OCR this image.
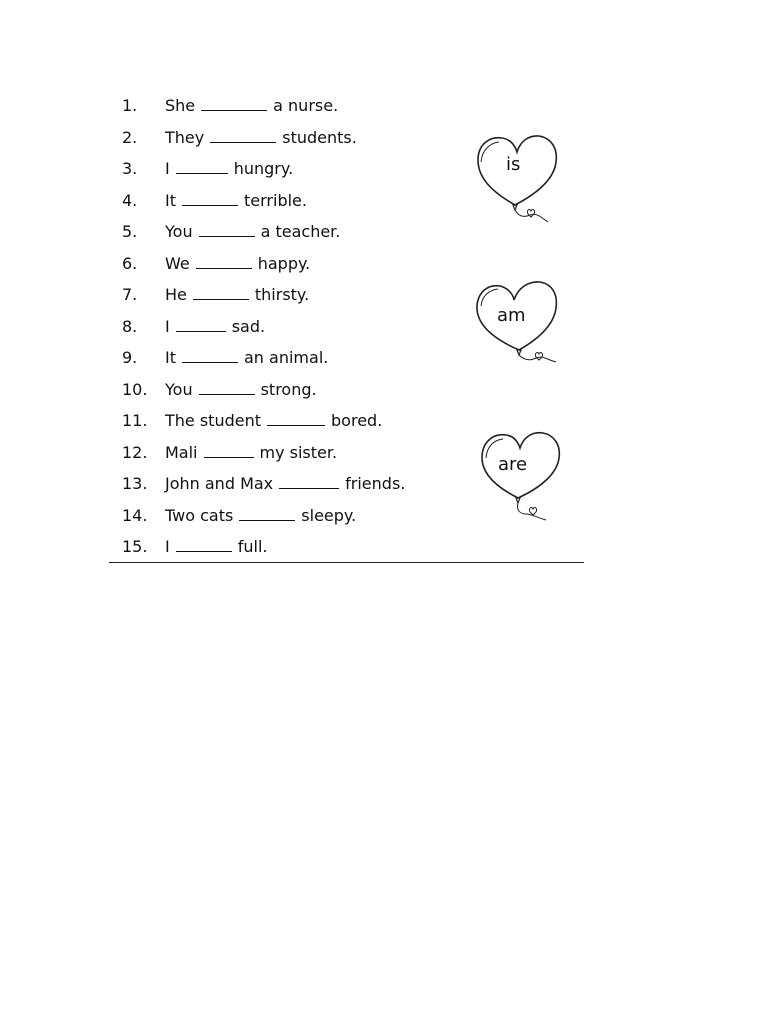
1. She	a nurse.
2. They	students.
3. I	hungry.
4. It	terrible.
5. You	a teacher.
6. We	happy.
7. He	thirsty.
8. I	sad.
9. It	an animal.
10. You	strong.
11. The student	bored.
12. Mali	my sister.
13. John and Max	friends.
14. Two cats	sleepy.
15. I	full.
is
am
are
